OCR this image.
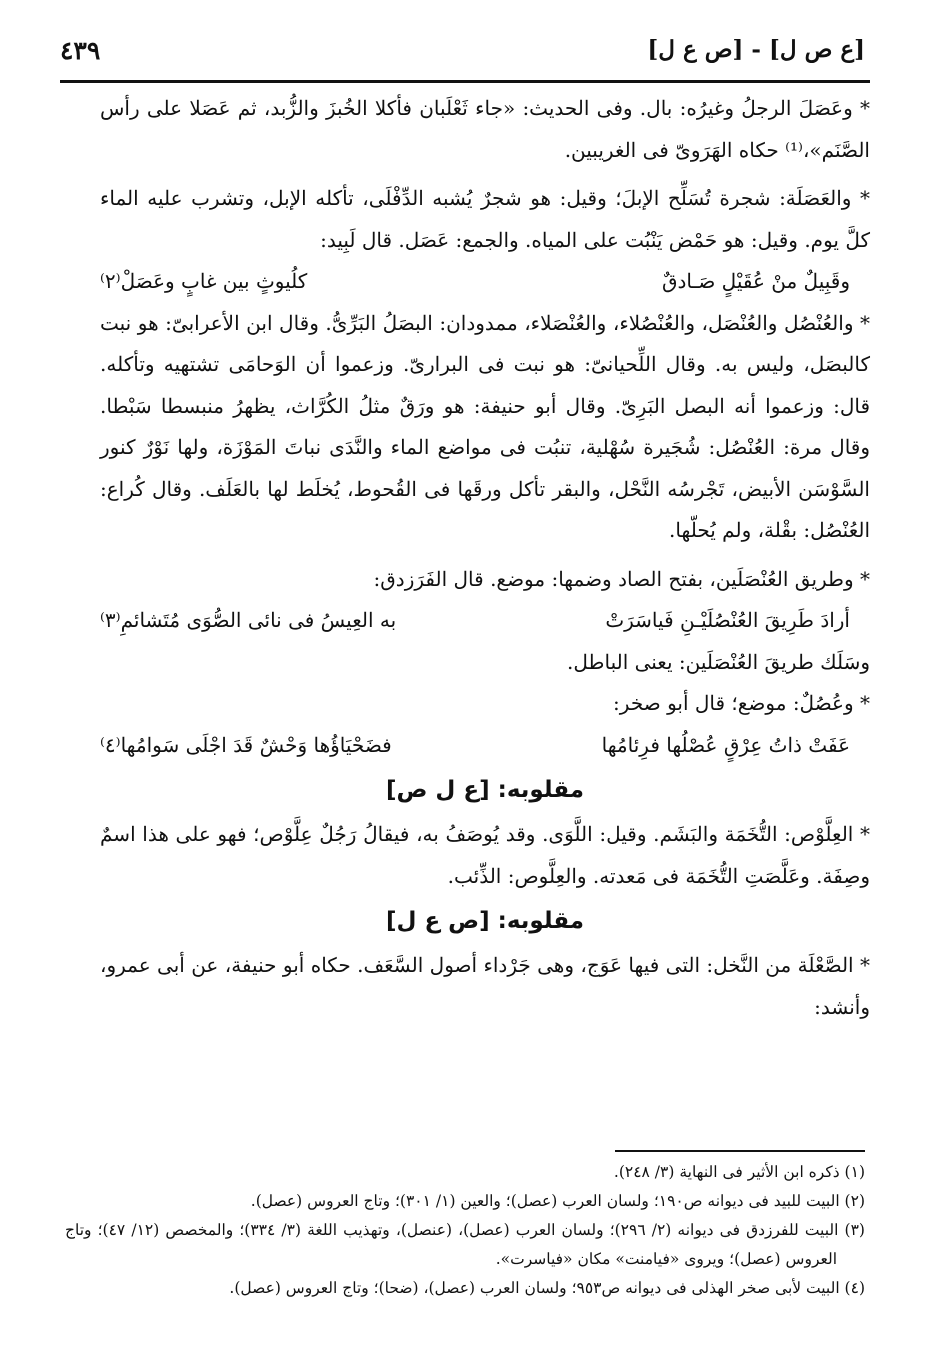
[ع ص ل] - [ص ع ل]
٤٣٩

* وعَصَلَ الرجلُ وغيرُه: بال. وفى الحديث: «جاء ثَعْلَبان فأكلا الخُبزَ والزُّبد، ثم عَصَلا على رأس الصَّنَم»،⁽¹⁾ حكاه الهَرَوىّ فى الغريبين.

* والعَصَلَة: شجرة تُسَلِّح الإبلَ؛ وقيل: هو شجرٌ يُشبه الدِّفْلَى، تأكله الإبل، وتشرب عليه الماء كلَّ يوم. وقيل: هو حَمْض يَنْبُت على المياه. والجمع: عَصَل. قال لَبِيد:

وقَبِيلٌ منْ عُقَيْلٍ صَـادقٌ
كلُيوثٍ بين غابٍ وعَصَلْ⁽٢⁾

* والعُنْصُل والعُنْصَل، والعُنْصُلاء، والعُنْصَلاء، ممدودان: البصَلُ البَرِّىُّ. وقال ابن الأعرابىّ: هو نبت كالبصَل، وليس به. وقال اللِّحيانىّ: هو نبت فى البرارىّ. وزعموا أن الوَحامَى تشتهيه وتأكله. قال: وزعموا أنه البصل البَرِىّ. وقال أبو حنيفة: هو ورَقٌ مثلُ الكُرَّاث، يظهرُ منبسطا سَبْطا. وقال مرة: العُنْصُل: شُجَيرة سُهْلية، تنبُت فى مواضع الماء والنَّدَى نباتَ المَوْزَة، ولها نَوْرٌ كنور السَّوْسَن الأبيض، تَجْرسُه النَّحْل، والبقر تأكل ورقَها فى القُحوط، يُخلَط لها بالعَلَف. وقال كُراع: العُنْصُل: بقْلة، ولم يُحلّها.

* وطريق العُنْصَلَين، بفتح الصاد وضمها: موضع. قال الفَرَزدق:

أرادَ طَرِيقَ العُنْصُلَيْـنِ فَياسَرَتْ
به العِيسُ فى نائى الصُّوَى مُتَشائمِ⁽٣⁾

وسَلَك طريقَ العُنْصَلَين: يعنى الباطل.

* وعُصُلٌ: موضع؛ قال أبو صخر:

عَفَتْ ذاتُ عِرْقٍ عُصْلُها فرِئامُها
فضَحْيَاؤُها وَحْشٌ قَدَ اجْلَى سَوامُها⁽٤⁾
مقلوبه: [ع ل ص]

* العِلَّوْص: التُّخَمَة والبَشَم. وقيل: اللَّوَى. وقد يُوصَفُ به، فيقالُ رَجُلٌ عِلَّوْص؛ فهو على هذا اسمٌ وصِفَة. وعَلَّصَتِ التُّخَمَة فى مَعدته. والعِلَّوص: الذِّئب.

مقلوبه: [ص ع ل]

* الصَّعْلَة من النَّخل: التى فيها عَوَج، وهى جَرْداء أصول السَّعَف. حكاه أبو حنيفة، عن أبى عمرو، وأنشد:

(١) ذكره ابن الأثير فى النهاية (٣/ ٢٤٨).

(٢) البيت للبيد فى ديوانه ص١٩٠؛ ولسان العرب (عصل)؛ والعين (١/ ٣٠١)؛ وتاج العروس (عصل).

(٣) البيت للفرزدق فى ديوانه (٢/ ٢٩٦)؛ ولسان العرب (عصل)، (عنصل)، وتهذيب اللغة (٣/ ٣٣٤)؛ والمخصص (١٢/ ٤٧)؛ وتاج العروس (عصل)؛ ويروى «فيامنت» مكان «فياسرت».

(٤) البيت لأبى صخر الهذلى فى ديوانه ص٩٥٣؛ ولسان العرب (عصل)، (ضحا)؛ وتاج العروس (عصل).
